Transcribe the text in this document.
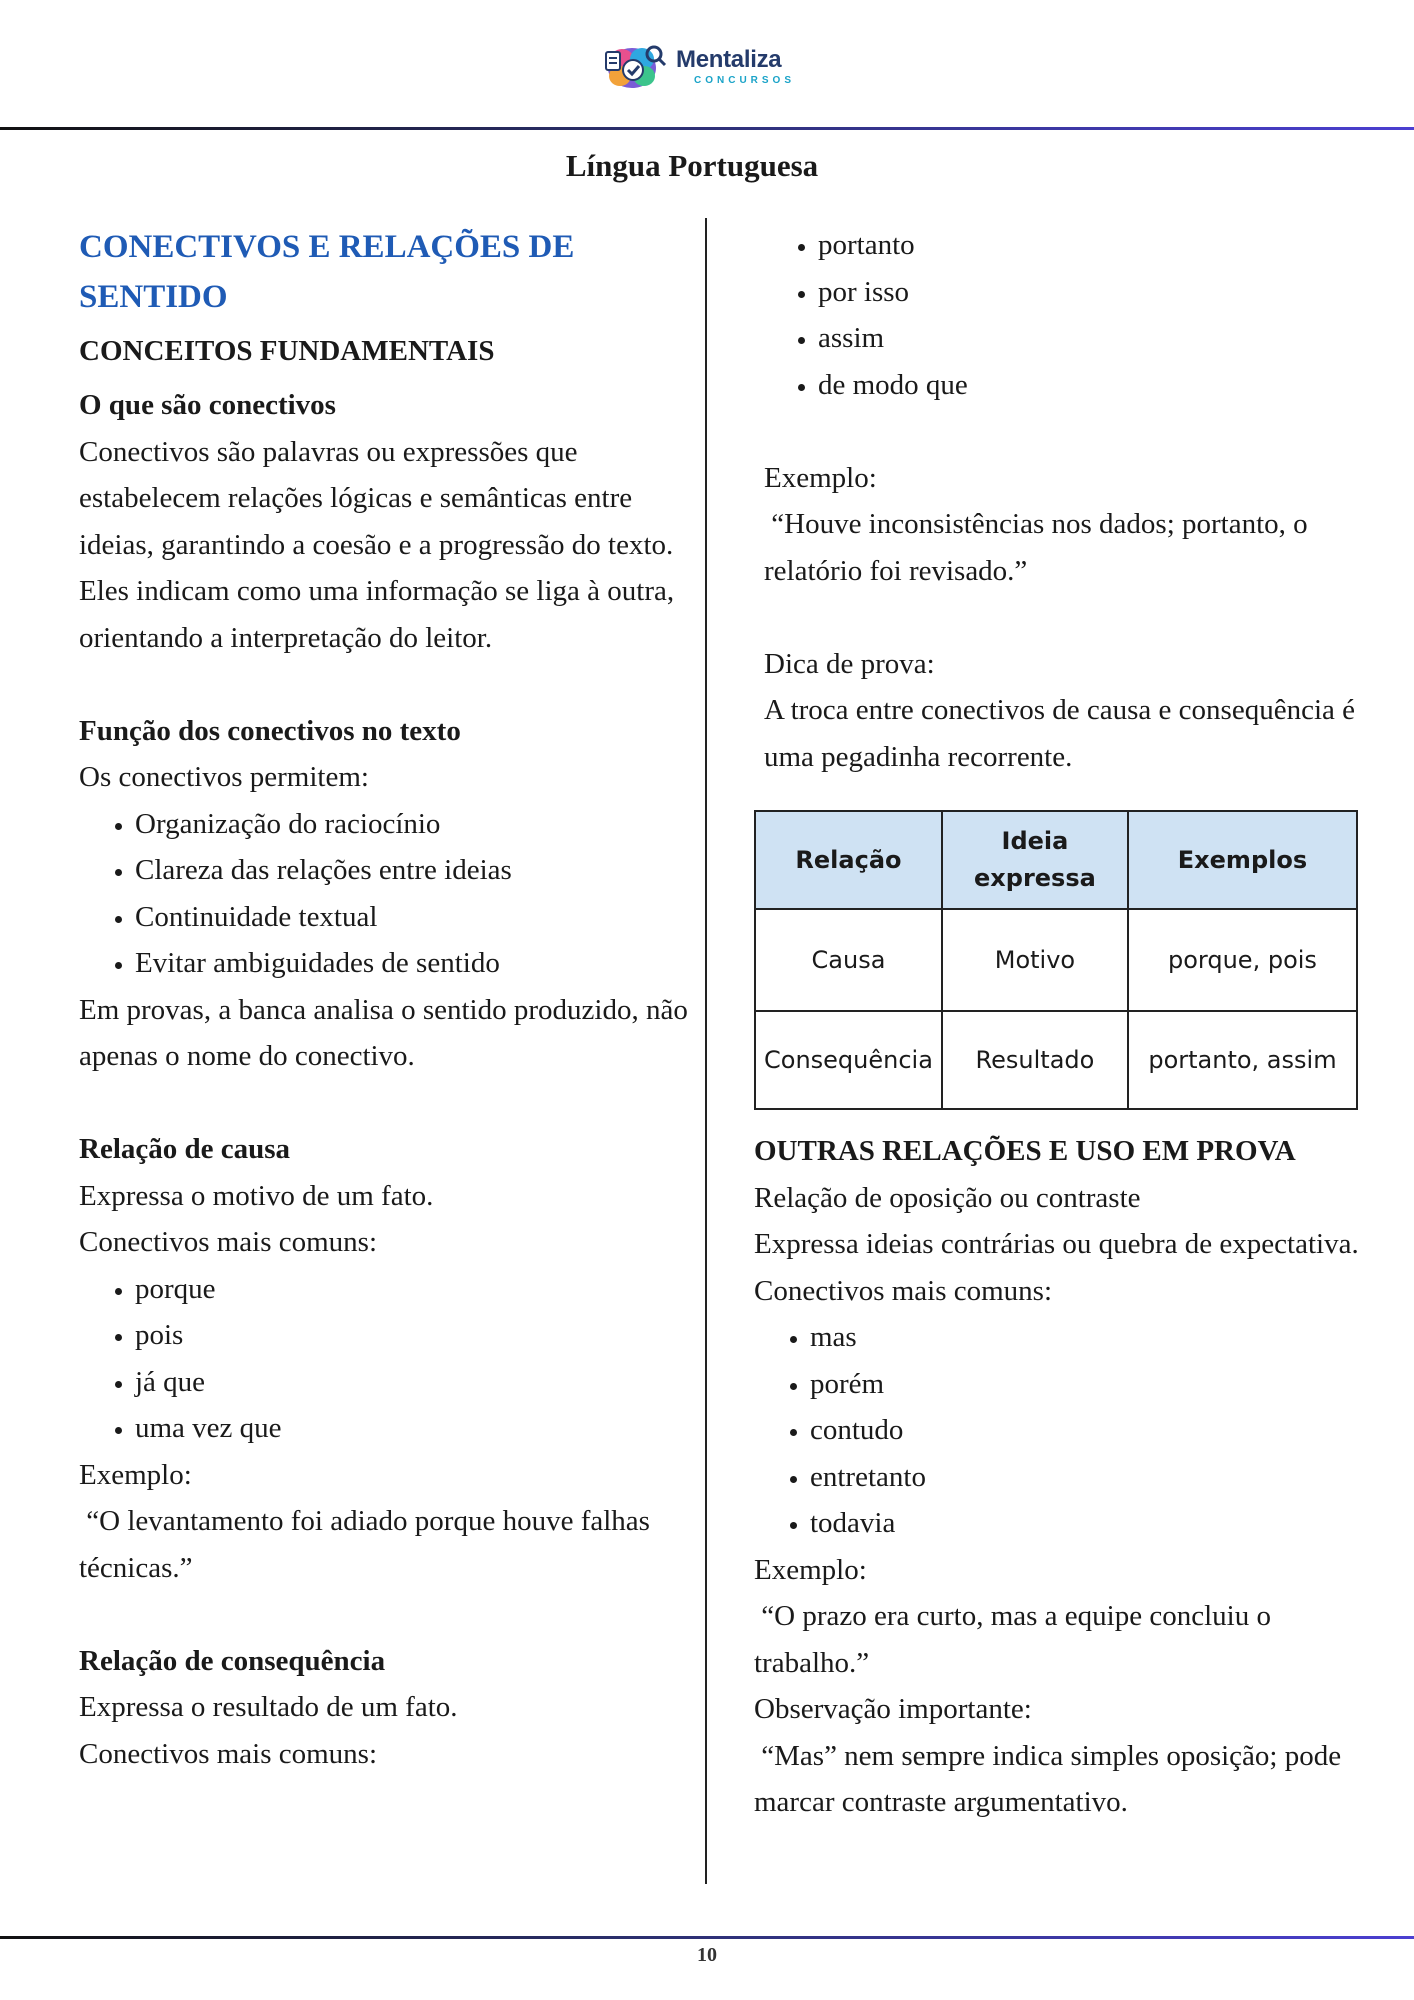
Mentaliza
CONCURSOS
Língua Portuguesa
CONECTIVOS E RELAÇÕES DE
SENTIDO
CONCEITOS FUNDAMENTAIS
O que são conectivos

Conectivos são palavras ou expressões que estabelecem relações lógicas e semânticas entre ideias, garantindo a coesão e a progressão do texto.

Eles indicam como uma informação se liga à outra, orientando a interpretação do leitor.

Função dos conectivos no texto

Os conectivos permitem:

• Organização do raciocínio
• Clareza das relações entre ideias
• Continuidade textual
• Evitar ambiguidades de sentido

Em provas, a banca analisa o sentido produzido, não apenas o nome do conectivo.

Relação de causa

Expressa o motivo de um fato.

Conectivos mais comuns:

• porque
• pois
• já que
• uma vez que

Exemplo:

“O levantamento foi adiado porque houve falhas técnicas.”

Relação de consequência

Expressa o resultado de um fato.

Conectivos mais comuns:

• portanto
• por isso
• assim
• de modo que

Exemplo:

“Houve inconsistências nos dados; portanto, o relatório foi revisado.”

Dica de prova:

A troca entre conectivos de causa e consequência é uma pegadinha recorrente.

Relação	Ideia expressa	Exemplos
Causa	Motivo	porque, pois
Consequência	Resultado	portanto, assim
OUTRAS RELAÇÕES E USO EM PROVA

Relação de oposição ou contraste

Expressa ideias contrárias ou quebra de expectativa.

Conectivos mais comuns:

• mas
• porém
• contudo
• entretanto
• todavia

Exemplo:

“O prazo era curto, mas a equipe concluiu o trabalho.”

Observação importante:

“Mas” nem sempre indica simples oposição; pode marcar contraste argumentativo.

10
